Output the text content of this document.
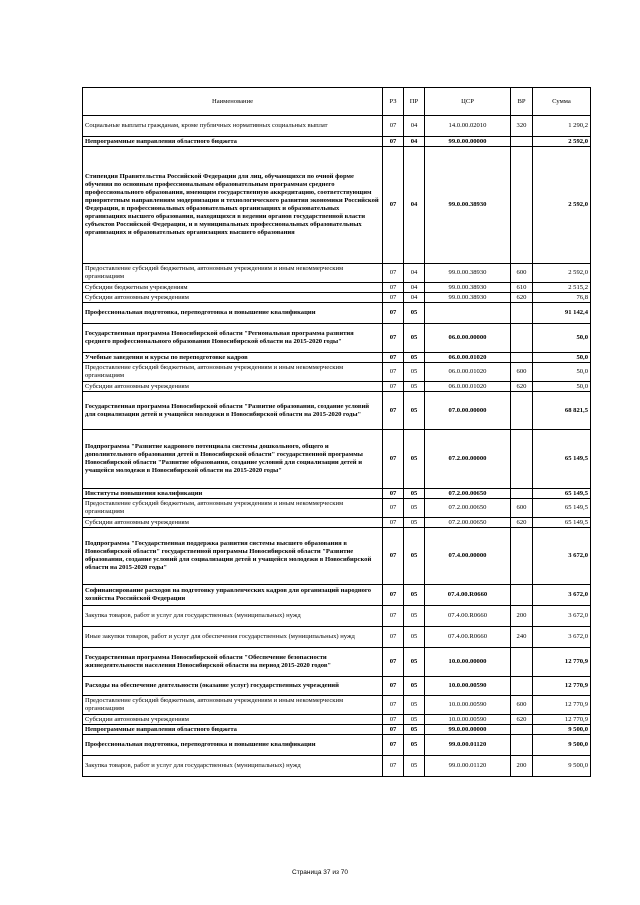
Наименование	РЗ	ПР	ЦСР	ВР	Сумма
Социальные выплаты гражданам, кроме публичных нормативных социальных выплат	07	04	14.0.00.02010	320	1 290,2
Непрограммные направления областного бюджета	07	04	99.0.00.00000		2 592,0
Стипендия Правительства Российской Федерации для лиц, обучающихся по очной форме обучения по основным профессиональным образовательным программам среднего профессионального образования, имеющим государственную аккредитацию, соответствующим приоритетным направлениям модернизации и технологического развития экономики Российской Федерации, в профессиональных образовательных организациях и образовательных организациях высшего образования, находящихся в ведении органов государственной власти субъектов Российской Федерации, и в муниципальных профессиональных образовательных организациях и образовательных организациях высшего образования	07	04	99.0.00.38930		2 592,0
Предоставление субсидий бюджетным, автономным учреждениям и иным некоммерческим организациям	07	04	99.0.00.38930	600	2 592,0
Субсидии бюджетным учреждениям	07	04	99.0.00.38930	610	2 515,2
Субсидии автономным учреждениям	07	04	99.0.00.38930	620	76,8
Профессиональная подготовка, переподготовка и повышение квалификации	07	05			91 142,4
Государственная программа Новосибирской области "Региональная программа развития среднего профессионального образования Новосибирской области на 2015-2020 годы"	07	05	06.0.00.00000		50,0
Учебные заведения и курсы по переподготовке кадров	07	05	06.0.00.01020		50,0
Предоставление субсидий бюджетным, автономным учреждениям и иным некоммерческим организациям	07	05	06.0.00.01020	600	50,0
Субсидии автономным учреждениям	07	05	06.0.00.01020	620	50,0
Государственная программа Новосибирской области "Развитие образования, создание условий для социализации детей и учащейся молодежи в Новосибирской области на 2015-2020 годы"	07	05	07.0.00.00000		68 821,5
Подпрограмма "Развитие кадрового потенциала системы дошкольного, общего и дополнительного образования детей в Новосибирской области" государственной программы Новосибирской области "Развитие образования, создание условий для социализации детей и учащейся молодежи в Новосибирской области на 2015-2020 годы"	07	05	07.2.00.00000		65 149,5
Институты повышения квалификации	07	05	07.2.00.00650		65 149,5
Предоставление субсидий бюджетным, автономным учреждениям и иным некоммерческим организациям	07	05	07.2.00.00650	600	65 149,5
Субсидии автономным учреждениям	07	05	07.2.00.00650	620	65 149,5
Подпрограмма "Государственная поддержка развития системы высшего образования в Новосибирской области" государственной программы Новосибирской области "Развитие образования, создание условий для социализации детей и учащейся молодежи в Новосибирской области на 2015-2020 годы"	07	05	07.4.00.00000		3 672,0
Софинансирование расходов на подготовку управленческих кадров для организаций народного хозяйства Российской Федерации	07	05	07.4.00.R0660		3 672,0
Закупка товаров, работ и услуг для государственных (муниципальных) нужд	07	05	07.4.00.R0660	200	3 672,0
Иные закупки товаров, работ и услуг для обеспечения государственных (муниципальных) нужд	07	05	07.4.00.R0660	240	3 672,0
Государственная программа Новосибирской области "Обеспечение безопасности жизнедеятельности населения Новосибирской области на период 2015-2020 годов"	07	05	10.0.00.00000		12 770,9
Расходы на обеспечение деятельности (оказание услуг) государственных учреждений	07	05	10.0.00.00590		12 770,9
Предоставление субсидий бюджетным, автономным учреждениям и иным некоммерческим организациям	07	05	10.0.00.00590	600	12 770,9
Субсидии автономным учреждениям	07	05	10.0.00.00590	620	12 770,9
Непрограммные направления областного бюджета	07	05	99.0.00.00000		9 500,0
Профессиональная подготовка, переподготовка и повышение квалификации	07	05	99.0.00.01120		9 500,0
Закупка товаров, работ и услуг для государственных (муниципальных) нужд	07	05	99.0.00.01120	200	9 500,0
Страница 37 из 70
